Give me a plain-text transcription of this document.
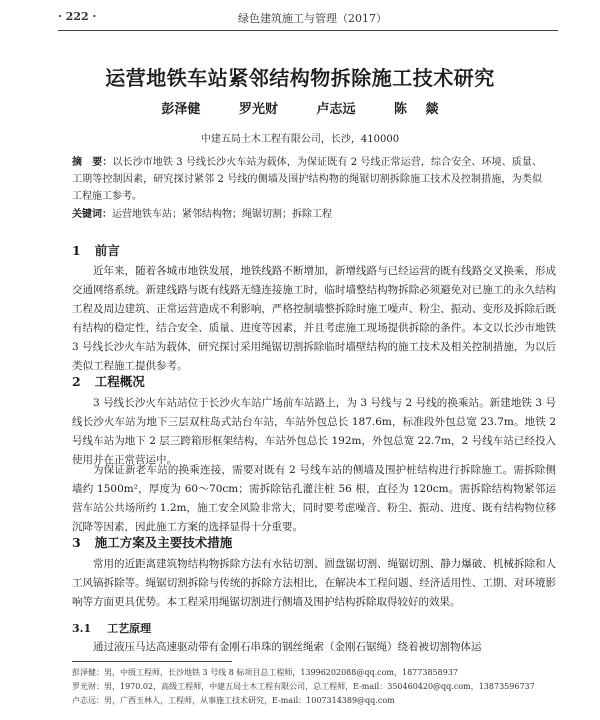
· 222 ·	绿色建筑施工与管理（2017）
运营地铁车站紧邻结构物拆除施工技术研究
彭泽健	罗光财	卢志远	陈 燚
中建五局土木工程有限公司，长沙，410000
摘　要：以长沙市地铁 3 号线长沙火车站为载体，为保证既有 2 号线正常运营，综合安全、环境、质量、工期等控制因素，研究探讨紧邻 2 号线的侧墙及围护结构物的绳锯切割拆除施工技术及控制措施，为类似工程施工参考。
关键词：运营地铁车站；紧邻结构物；绳锯切割；拆除工程
1 前言

近年来，随着各城市地铁发展，地铁线路不断增加，新增线路与已经运营的既有线路交叉换乘，形成交通网络系统。新建线路与既有线路无缝连接施工时，临时墙整结构物拆除必须避免对已施工的永久结构工程及周边建筑、正常运营造成不利影响，严格控制墙整拆除时施工噪声、粉尘、振动、变形及拆除后既有结构的稳定性，结合安全、质量、进度等因素，并且考虑施工现场提供拆除的条件。本文以长沙市地铁 3 号线长沙火车站为载体，研究探讨采用绳锯切割拆除临时墙壁结构的施工技术及相关控制措施，为以后类似工程施工提供参考。

2 工程概况

3 号线长沙火车站站位于长沙火车站广场前车站路上，为 3 号线与 2 号线的换乘站。新建地铁 3 号线长沙火车站为地下三层双柱岛式站台车站，车站外包总长 187.6m，标准段外包总宽 23.7m。地铁 2 号线车站为地下 2 层三跨箱形框架结构，车站外包总长 192m，外包总宽 22.7m，2 号线车站已经投入使用并在正常营运中。

为保证新老车站的换乘连接，需要对既有 2 号线车站的侧墙及围护桩结构进行拆除施工。需拆除侧墙约 1500m²，厚度为 60～70cm；需拆除钻孔灌注桩 56 根，直径为 120cm。需拆除结构物紧邻运营车站公共场所约 1.2m，施工安全风险非常大，同时要考虑噪音、粉尘、振动、进度、既有结构物位移沉降等因素，因此施工方案的选择显得十分重要。

3 施工方案及主要技术措施

常用的近距离建筑物结构物拆除方法有水钻切割、圆盘锯切割、绳锯切割、静力爆破、机械拆除和人工风镐拆除等。绳锯切割拆除与传统的拆除方法相比，在解决本工程问题、经济适用性、工期、对环境影响等方面更具优势。本工程采用绳锯切割进行侧墙及围护结构拆除取得较好的效果。

3.1 工艺原理

通过液压马达高速驱动带有金刚石串珠的钢丝绳索（金刚石锯绳）绕着被切割物体运

彭泽健：男，中级工程师，长沙地铁 3 号线 8 标项目总工程师，13996202088@qq.com，18773858937
罗光财：男，1970.02，高级工程师，中建五局土木工程有限公司，总工程师，E-mail：350460420@qq.com，13873596737
卢志远：男，广西玉林人，工程师，从事施工技术研究，E-mail：1007314389@qq.com
